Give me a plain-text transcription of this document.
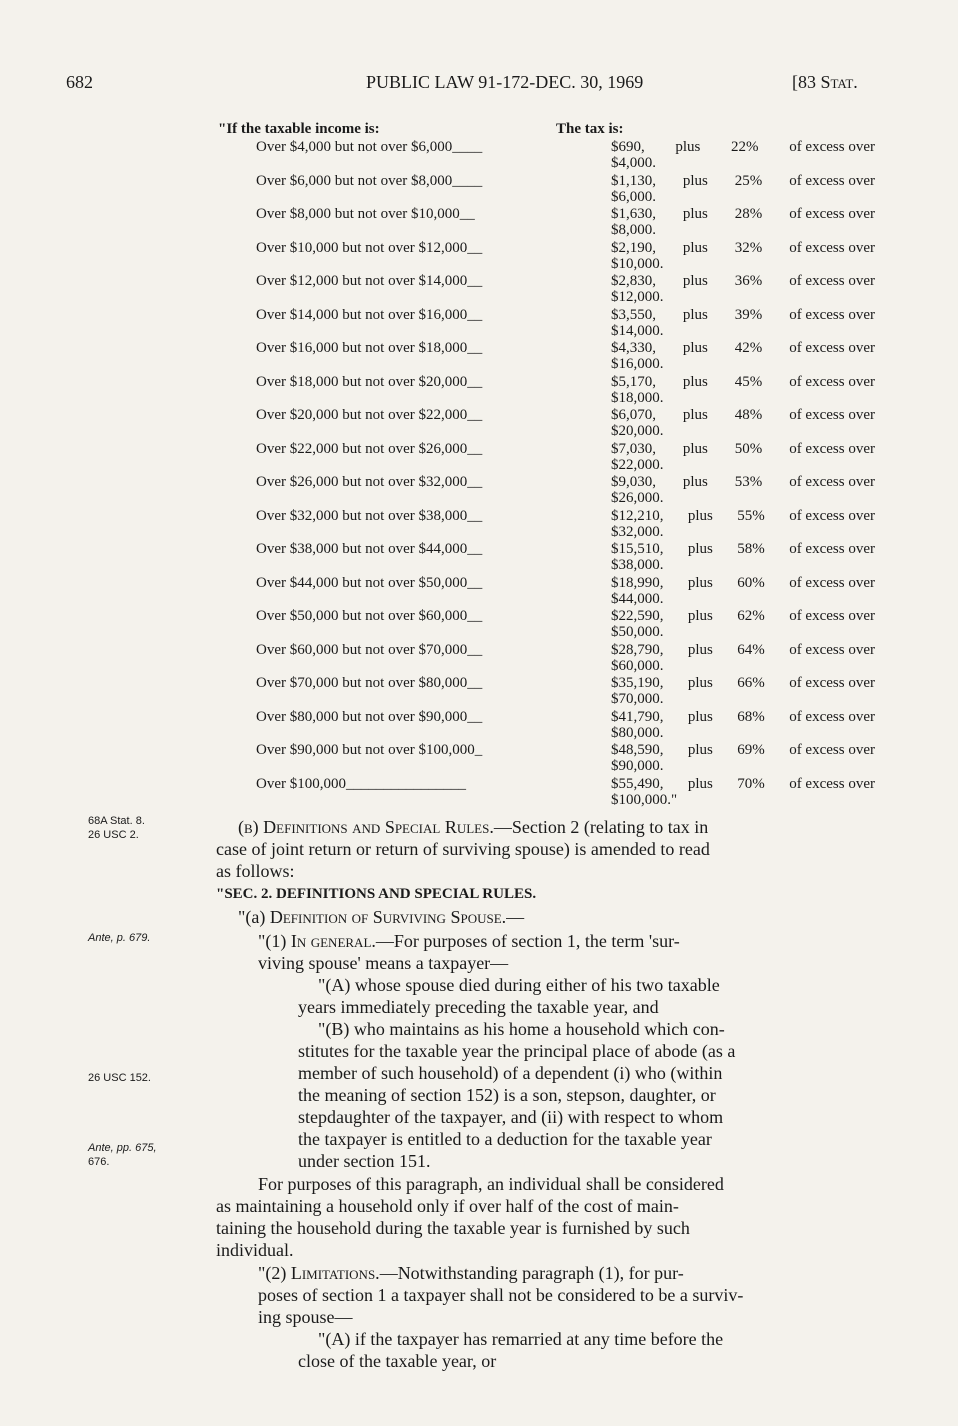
682	PUBLIC LAW 91-172-DEC. 30, 1969	[83 Stat.
"If the taxable income is:	The tax is:
Over $4,000 but not over $6,000____	$690, plus 22% of excess over
$4,000.
Over $6,000 but not over $8,000____	$1,130, plus 25% of excess over
$6,000.
Over $8,000 but not over $10,000__	$1,630, plus 28% of excess over
$8,000.
Over $10,000 but not over $12,000__	$2,190, plus 32% of excess over
$10,000.
Over $12,000 but not over $14,000__	$2,830, plus 36% of excess over
$12,000.
Over $14,000 but not over $16,000__	$3,550, plus 39% of excess over
$14,000.
Over $16,000 but not over $18,000__	$4,330, plus 42% of excess over
$16,000.
Over $18,000 but not over $20,000__	$5,170, plus 45% of excess over
$18,000.
Over $20,000 but not over $22,000__	$6,070, plus 48% of excess over
$20,000.
Over $22,000 but not over $26,000__	$7,030, plus 50% of excess over
$22,000.
Over $26,000 but not over $32,000__	$9,030, plus 53% of excess over
$26,000.
Over $32,000 but not over $38,000__	$12,210, plus 55% of excess over
$32,000.
Over $38,000 but not over $44,000__	$15,510, plus 58% of excess over
$38,000.
Over $44,000 but not over $50,000__	$18,990, plus 60% of excess over
$44,000.
Over $50,000 but not over $60,000__	$22,590, plus 62% of excess over
$50,000.
Over $60,000 but not over $70,000__	$28,790, plus 64% of excess over
$60,000.
Over $70,000 but not over $80,000__	$35,190, plus 66% of excess over
$70,000.
Over $80,000 but not over $90,000__	$41,790, plus 68% of excess over
$80,000.
Over $90,000 but not over $100,000_	$48,590, plus 69% of excess over
$90,000.
Over $100,000________________	$55,490, plus 70% of excess over
$100,000."
68A Stat. 8.
26 USC 2.
Ante, p. 679.
26 USC 152.
Ante, pp. 675,
676.
(b) Definitions and Special Rules.—Section 2 (relating to tax in
case of joint return or return of surviving spouse) is amended to read
as follows:
"SEC. 2. DEFINITIONS AND SPECIAL RULES.
"(a) Definition of Surviving Spouse.—
"(1) In general.—For purposes of section 1, the term 'sur-
viving spouse' means a taxpayer—
"(A) whose spouse died during either of his two taxable
years immediately preceding the taxable year, and
"(B) who maintains as his home a household which con-
stitutes for the taxable year the principal place of abode (as a
member of such household) of a dependent (i) who (within
the meaning of section 152) is a son, stepson, daughter, or
stepdaughter of the taxpayer, and (ii) with respect to whom
the taxpayer is entitled to a deduction for the taxable year
under section 151.
For purposes of this paragraph, an individual shall be considered
as maintaining a household only if over half of the cost of main-
taining the household during the taxable year is furnished by such
individual.
"(2) Limitations.—Notwithstanding paragraph (1), for pur-
poses of section 1 a taxpayer shall not be considered to be a surviv-
ing spouse—
"(A) if the taxpayer has remarried at any time before the
close of the taxable year, or
